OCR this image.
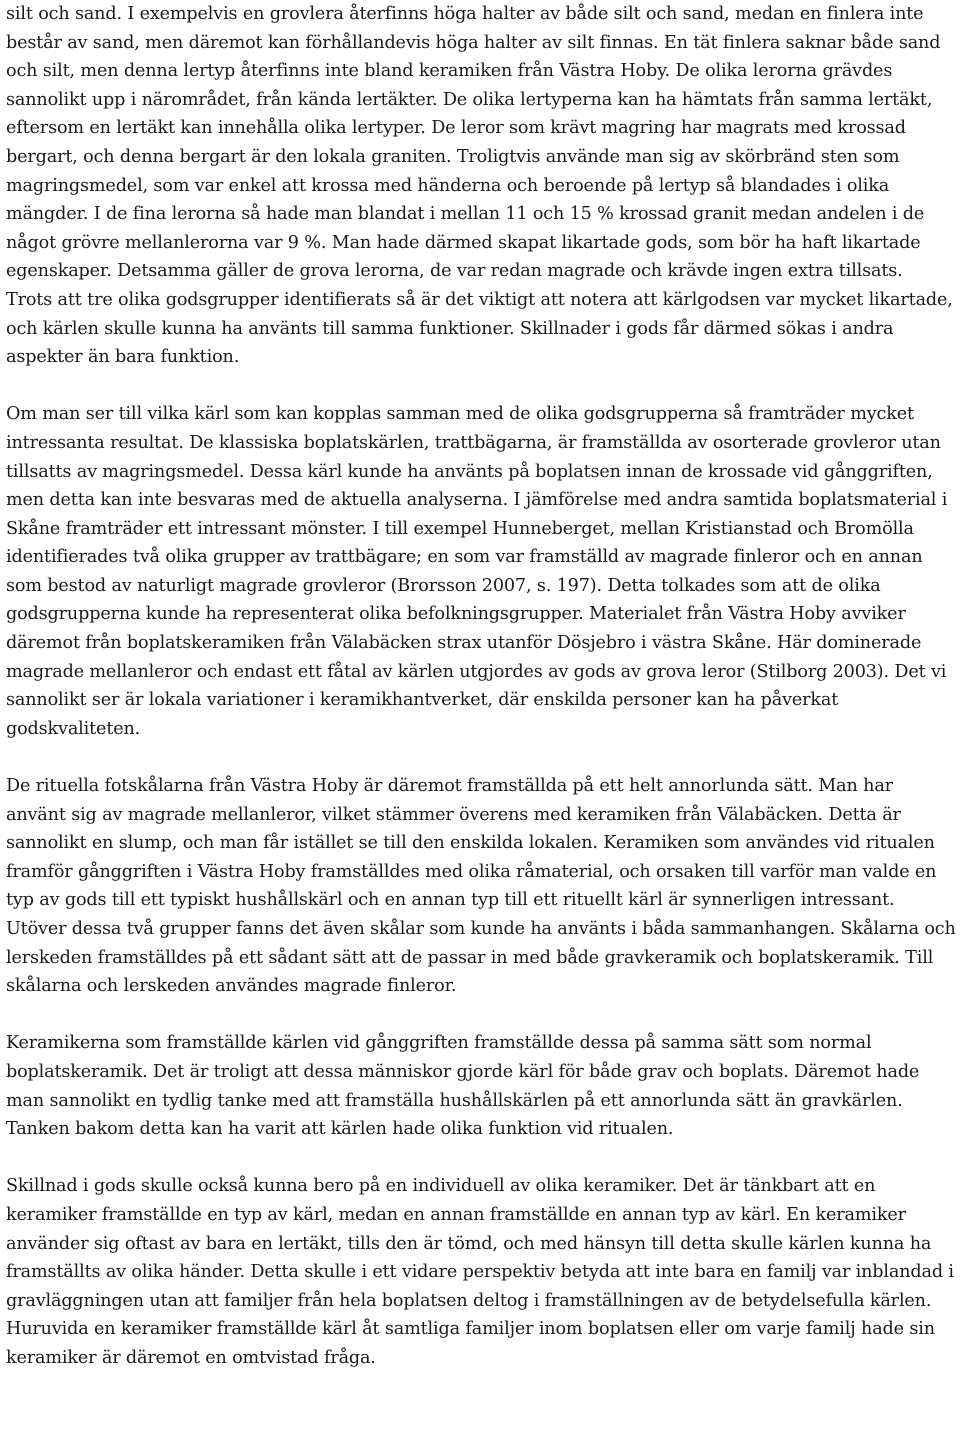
silt och sand. I exempelvis en grovlera återfinns höga halter av både silt och sand, medan en finlera inte består av sand, men däremot kan förhållandevis höga halter av silt finnas. En tät finlera saknar både sand och silt, men denna lertyp återfinns inte bland keramiken från Västra Hoby. De olika lerorna grävdes sannolikt upp i närområdet, från kända lertäkter. De olika lertyperna kan ha hämtats från samma lertäkt, eftersom en lertäkt kan innehålla olika lertyper. De leror som krävt magring har magrats med krossad bergart, och denna bergart är den lokala graniten. Troligtvis använde man sig av skörbränd sten som magringsmedel, som var enkel att krossa med händerna och beroende på lertyp så blandades i olika mängder. I de fina lerorna så hade man blandat i mellan 11 och 15 % krossad granit medan andelen i de något grövre mellanlerorna var 9 %. Man hade därmed skapat likartade gods, som bör ha haft likartade egenskaper. Detsamma gäller de grova lerorna, de var redan magrade och krävde ingen extra tillsats.

Trots att tre olika godsgrupper identifierats så är det viktigt att notera att kärlgodsen var mycket likartade, och kärlen skulle kunna ha använts till samma funktioner. Skillnader i gods får därmed sökas i andra aspekter än bara funktion.

Om man ser till vilka kärl som kan kopplas samman med de olika godsgrupperna så framträder mycket intressanta resultat. De klassiska boplatskärlen, trattbägarna, är framställda av osorterade grovleror utan tillsatts av magringsmedel. Dessa kärl kunde ha använts på boplatsen innan de krossade vid gånggriften, men detta kan inte besvaras med de aktuella analyserna. I jämförelse med andra samtida boplatsmaterial i Skåne framträder ett intressant mönster. I till exempel Hunneberget, mellan Kristianstad och Bromölla identifierades två olika grupper av trattbägare; en som var framställd av magrade finleror och en annan som bestod av naturligt magrade grovleror (Brorsson 2007, s. 197). Detta tolkades som att de olika godsgrupperna kunde ha representerat olika befolkningsgrupper. Materialet från Västra Hoby avviker däremot från boplatskeramiken från Välabäcken strax utanför Dösjebro i västra Skåne. Här dominerade magrade mellanleror och endast ett fåtal av kärlen utgjordes av gods av grova leror (Stilborg 2003). Det vi sannolikt ser är lokala variationer i keramikhantverket, där enskilda personer kan ha påverkat godskvaliteten.

De rituella fotskålarna från Västra Hoby är däremot framställda på ett helt annorlunda sätt. Man har använt sig av magrade mellanleror, vilket stämmer överens med keramiken från Välabäcken. Detta är sannolikt en slump, och man får istället se till den enskilda lokalen. Keramiken som användes vid ritualen framför gånggriften i Västra Hoby framställdes med olika råmaterial, och orsaken till varför man valde en typ av gods till ett typiskt hushållskärl och en annan typ till ett rituellt kärl är synnerligen intressant. Utöver dessa två grupper fanns det även skålar som kunde ha använts i båda sammanhangen. Skålarna och lerskeden framställdes på ett sådant sätt att de passar in med både gravkeramik och boplatskeramik. Till skålarna och lerskeden användes magrade finleror.

Keramikerna som framställde kärlen vid gånggriften framställde dessa på samma sätt som normal boplatskeramik. Det är troligt att dessa människor gjorde kärl för både grav och boplats. Däremot hade man sannolikt en tydlig tanke med att framställa hushållskärlen på ett annorlunda sätt än gravkärlen. Tanken bakom detta kan ha varit att kärlen hade olika funktion vid ritualen.

Skillnad i gods skulle också kunna bero på en individuell av olika keramiker. Det är tänkbart att en keramiker framställde en typ av kärl, medan en annan framställde en annan typ av kärl. En keramiker använder sig oftast av bara en lertäkt, tills den är tömd, och med hänsyn till detta skulle kärlen kunna ha framställts av olika händer. Detta skulle i ett vidare perspektiv betyda att inte bara en familj var inblandad i gravläggningen utan att familjer från hela boplatsen deltog i framställningen av de betydelsefulla kärlen. Huruvida en keramiker framställde kärl åt samtliga familjer inom boplatsen eller om varje familj hade sin keramiker är däremot en omtvistad fråga.
